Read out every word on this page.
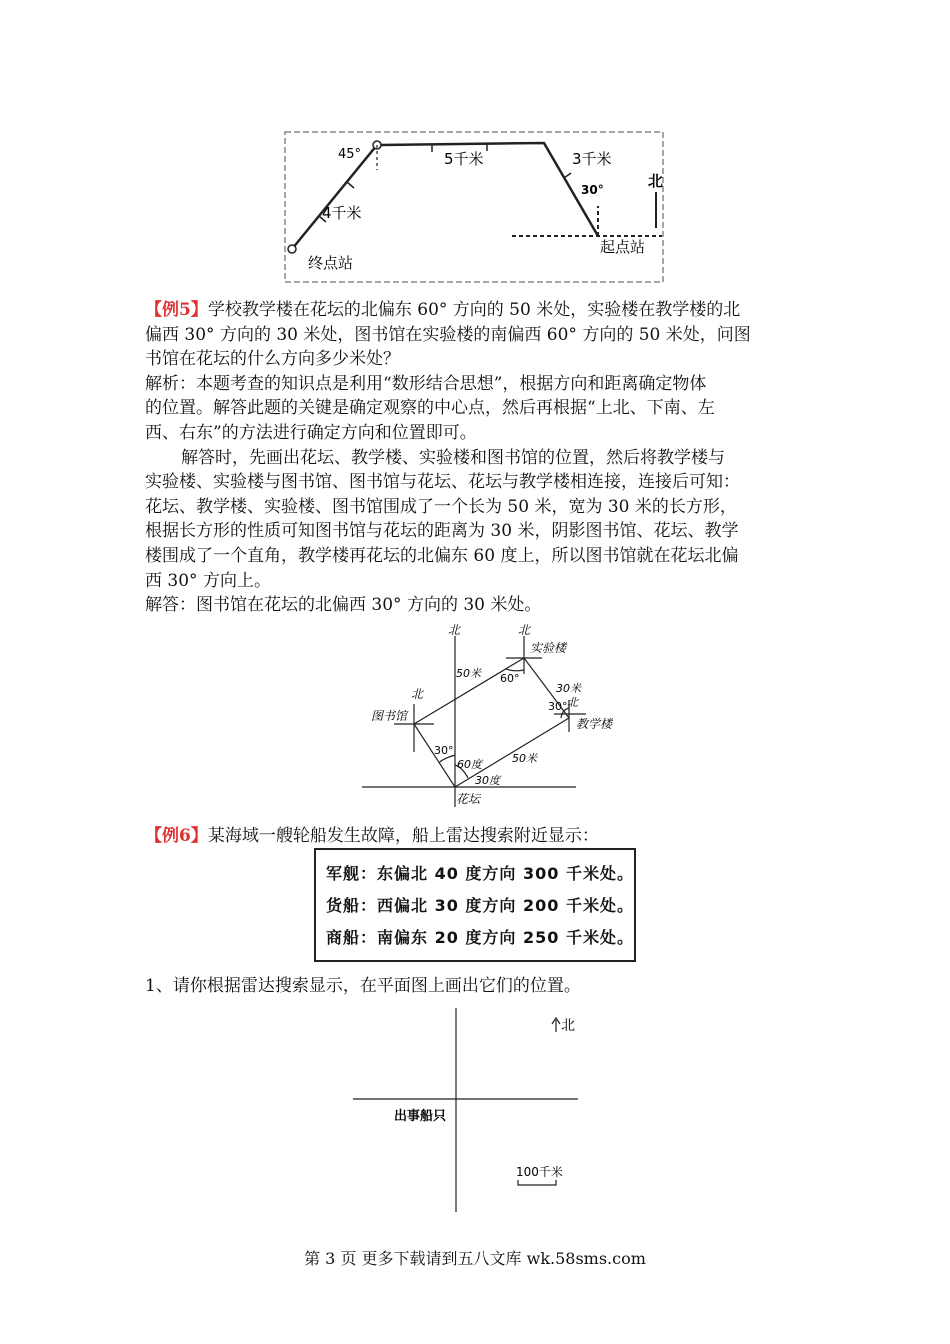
45°	5千米	3千米
30°	北
4千米
终点站
起点站
【例5】学校教学楼在花坛的北偏东 60° 方向的 50 米处，实验楼在教学楼的北
偏西 30° 方向的 30 米处，图书馆在实验楼的南偏西 60° 方向的 50 米处，问图
书馆在花坛的什么方向多少米处？
解析：本题考查的知识点是利用“数形结合思想”，根据方向和距离确定物体
的位置。解答此题的关键是确定观察的中心点，然后再根据“上北、下南、左
西、右东”的方法进行确定方向和位置即可。
解答时，先画出花坛、教学楼、实验楼和图书馆的位置，然后将教学楼与
实验楼、实验楼与图书馆、图书馆与花坛、花坛与教学楼相连接，连接后可知：
花坛、教学楼、实验楼、图书馆围成了一个长为 50 米，宽为 30 米的长方形，
根据长方形的性质可知图书馆与花坛的距离为 30 米，阴影图书馆、花坛、教学
楼围成了一个直角，教学楼再花坛的北偏东 60 度上，所以图书馆就在花坛北偏
西 30° 方向上。
解答：图书馆在花坛的北偏西 30° 方向的 30 米处。
北	北
实验楼
50米 60°
30米
北
图书馆
30° 北
教学楼
30°
50米
60度
30度
花坛
【例6】某海域一艘轮船发生故障，船上雷达搜索附近显示：
军舰：东偏北 40 度方向 300 千米处。
货船：西偏北 30 度方向 200 千米处。
商船：南偏东 20 度方向 250 千米处。
1、请你根据雷达搜索显示，在平面图上画出它们的位置。
北
出事船只
100千米
第 3 页 更多下载请到五八文库 wk.58sms.com
